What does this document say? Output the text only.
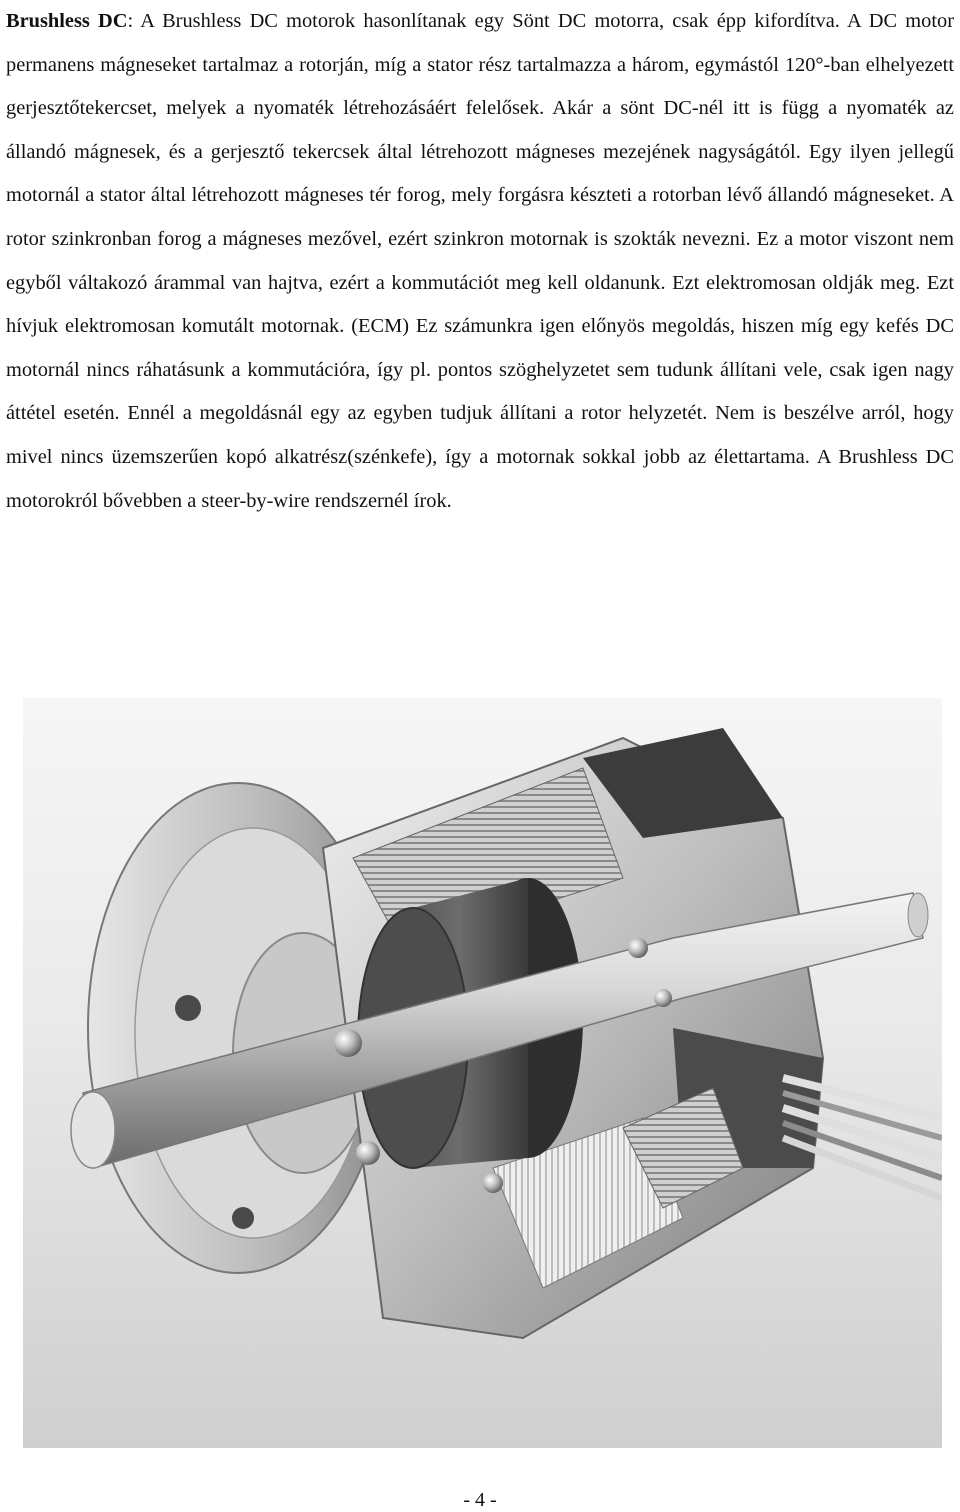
Brushless DC: A Brushless DC motorok hasonlítanak egy Sönt DC motorra, csak épp kifordítva. A DC motor permanens mágneseket tartalmaz a rotorján, míg a stator rész tartalmazza a három, egymástól 120°-ban elhelyezett gerjesztőtekercset, melyek a nyomaték létrehozásáért felelősek. Akár a sönt DC-nél itt is függ a nyomaték az állandó mágnesek, és a gerjesztő tekercsek által létrehozott mágneses mezejének nagyságától. Egy ilyen jellegű motornál a stator által létrehozott mágneses tér forog, mely forgásra készteti a rotorban lévő állandó mágneseket. A rotor szinkronban forog a mágneses mezővel, ezért szinkron motornak is szokták nevezni. Ez a motor viszont nem egyből váltakozó árammal van hajtva, ezért a kommutációt meg kell oldanunk. Ezt elektromosan oldják meg. Ezt hívjuk elektromosan komutált motornak. (ECM) Ez számunkra igen előnyös megoldás, hiszen míg egy kefés DC motornál nincs ráhatásunk a kommutációra, így pl. pontos szöghelyzetet sem tudunk állítani vele, csak igen nagy áttétel esetén. Ennél a megoldásnál egy az egyben tudjuk állítani a rotor helyzetét. Nem is beszélve arról, hogy mivel nincs üzemszerűen kopó alkatrész(szénkefe), így a motornak sokkal jobb az élettartama. A Brushless DC motorokról bővebben a steer-by-wire rendszernél írok.

- 4 -
